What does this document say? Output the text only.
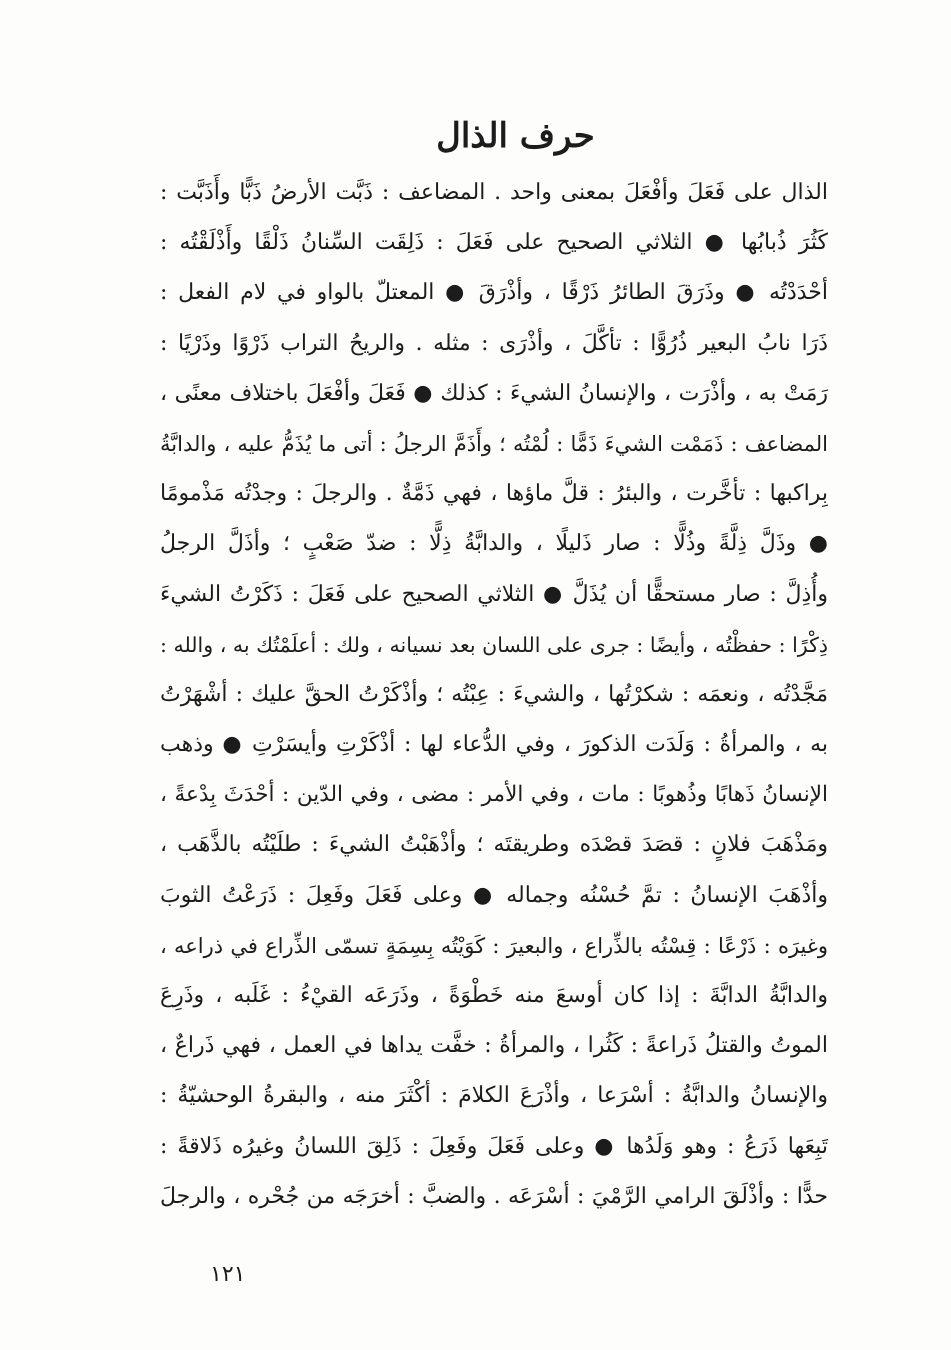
حرف الذال
الذال على فَعَلَ وأفْعَلَ بمعنى واحد . المضاعف : ذَبَّت الأرضُ ذَبًّا وأَذَبَّت :
كَثُرَ ذُبابُها ● الثلاثي الصحيح على فَعَلَ : ذَلِقَت السِّنانُ ذَلْقًا وأَذْلَقْتُه :
أحْدَدْتُه ● وذَرَقَ الطائرُ ذَرْقًا ، وأذْرَقَ ● المعتلّ بالواو في لام الفعل :
ذَرَا نابُ البعير ذُرُوًّا : تأكَّلَ ، وأذْرَى : مثله . والريحُ التراب ذَرْوًا وذَرْيًا :
رَمَتْ به ، وأذْرَت ، والإنسانُ الشيءَ : كذلك ● فَعَلَ وأفْعَلَ باختلاف معنًى ،
المضاعف : ذَمَمْت الشيءَ ذَمًّا : لُمْتُه ؛ وأَذَمَّ الرجلُ : أتى ما يُذَمُّ عليه ، والدابَّةُ
بِراكبها : تأخَّرت ، والبئرُ : قلَّ ماؤها ، فهي ذَمَّةٌ . والرجلَ : وجدْتُه مَذْمومًا
● وذَلَّ ذِلَّةً وذُلًّا : صار ذَليلًا ، والدابَّةُ ذِلًّا : ضدّ صَعْبٍ ؛ وأذَلَّ الرجلُ
وأُذِلَّ : صار مستحقًّا أن يُذَلَّ ● الثلاثي الصحيح على فَعَلَ : ذَكَرْتُ الشيءَ
ذِكْرًا : حفظْتُه ، وأيضًا : جرى على اللسان بعد نسيانه ، ولك : أعلَمْتُك به ، والله :
مَجَّدْتُه ، ونعمَه : شكرْتُها ، والشيءَ : عِبْتُه ؛ وأذْكَرْتُ الحقَّ عليك : أشْهَرْتُ
به ، والمرأةُ : وَلَدَت الذكورَ ، وفي الدُّعاء لها : أذْكَرْتِ وأيسَرْتِ ● وذهب
الإنسانُ ذَهابًا وذُهوبًا : مات ، وفي الأمر : مضى ، وفي الدّين : أحْدَثَ بِدْعةً ،
ومَذْهَبَ فلانٍ : قصَدَ قصْدَه وطريقتَه ؛ وأذْهَبْتُ الشيءَ : طلَيْتُه بالذَّهَب ،
وأذْهَبَ الإنسانُ : تمَّ حُسْنُه وجماله ● وعلى فَعَلَ وفَعِلَ : ذَرَعْتُ الثوبَ
وغيرَه : ذَرْعًا : قِسْتُه بالذِّراع ، والبعيرَ : كَوَيْتُه بِسِمَةٍ تسمّى الذِّراع في ذراعه ،
والدابَّةُ الدابَّةَ : إذا كان أوسعَ منه خَطْوَةً ، وذَرَعَه القيْءُ : غَلَبه ، وذَرِعَ
الموتُ والقتلُ ذَراعةً : كَثُرا ، والمرأةُ : خفَّت يداها في العمل ، فهي ذَراعٌ ،
والإنسانُ والدابَّةُ : أسْرَعا ، وأذْرَعَ الكلامَ : أكْثَرَ منه ، والبقرةُ الوحشيّةُ :
تَبِعَها ذَرَعُ : وهو وَلَدُها ● وعلى فَعَلَ وفَعِلَ : ذَلِقَ اللسانُ وغيرُه ذَلاقةً :
حدًّا : وأذْلَقَ الرامي الرَّمْيَ : أسْرَعَه . والضبَّ : أخرَجَه من جُحْره ، والرجلَ
١٢١
